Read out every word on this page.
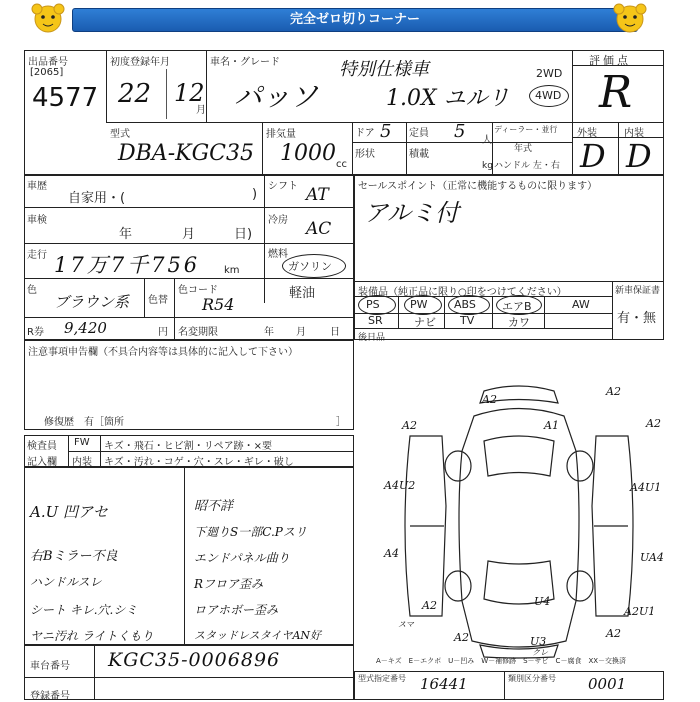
完全ゼロ切りコーナー
出品番号
[2065]
4577
初度登録年月
22 12
月
車名・グレード
パッソ
特別仕様車
1.0X ユルリ
2WD
4WD
評価点
R
型式
DBA-KGC35
排気量
1000 cc
ドア 5 定員 5 人
形状	積載
kg
ディーラー・並行
年式
ハンドル 左・右
外装	内装
D D
車歴
自家用・(	)
車検
年	月	日)
走行 17万7千756 km
色
ブラウン系 色替
色コード
R54
シフト AT
冷房 AC
燃料
ガソリン
軽油
R券 9,420	円 名変期限	年 月 日
セールスポイント（正常に機能するものに限ります）
アルミ付
装備品（純正品に限り○印をつけてください）	新車保証書
有・無
PS	PW ABS エアB	AW
SR	ナビ TV	カワ
後日品
注意事項申告欄（不具合内容等は具体的に記入して下さい）
修復歴　有［箇所	］
検査員
記入欄
FW キズ・飛石・ヒビ割・リペア跡・×要
内装 キズ・汚れ・コゲ・穴・スレ・ギレ・破し
A.U 凹アセ
右Bミラー不良
ハンドルスレ
シート キレ.穴.シミ
ヤニ汚れ ライトくもり
昭不詳
下廻りS一部C.Pスリ
エンドパネル曲り
Rフロア歪み
ロアホボー歪み
スタッドレスタイヤAN好
A2
A2
A2	A1	A2
A4U2	A4U1
A4	UA4
A2	A2U1
U4
A2	U3
A2
クレ
スマ
A－キズ　E－エクボ　U－凹み　W－補修跡　S－サビ　C－腐食　XX－交換済
車台番号 KGC35-0006896
登録番号
型式指定番号 16441	類別区分番号 0001
